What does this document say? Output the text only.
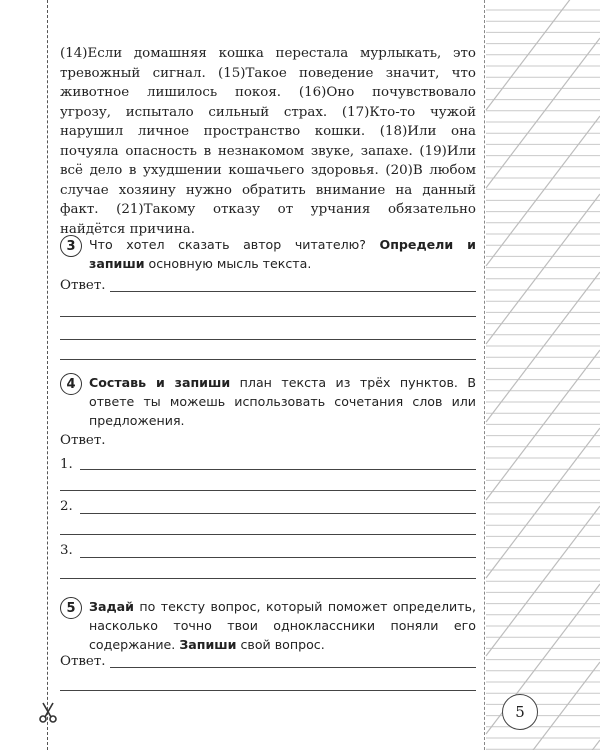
(14)Если домашняя кошка перестала мурлыкать, это тревожный сигнал. (15)Такое поведение значит, что животное лишилось покоя. (16)Оно почувствовало угрозу, испытало сильный страх. (17)Кто-то чужой нарушил личное пространство кошки. (18)Или она почуяла опасность в незнакомом звуке, запахе. (19)Или всё дело в ухудшении кошачьего здоровья. (20)В любом случае хозяину нужно обратить внимание на данный факт. (21)Такому отказу от урчания обязательно найдётся причина.
3	Что хотел сказать автор читателю? Определи и запиши основную мысль текста.
Ответ.
4	Составь и запиши план текста из трёх пунктов. В ответе ты можешь использовать сочетания слов или предложения.
Ответ.
1.
2.
3.
5	Задай по тексту вопрос, который поможет определить, насколько точно твои одноклассники поняли его содержание. Запиши свой вопрос.
Ответ.
5
